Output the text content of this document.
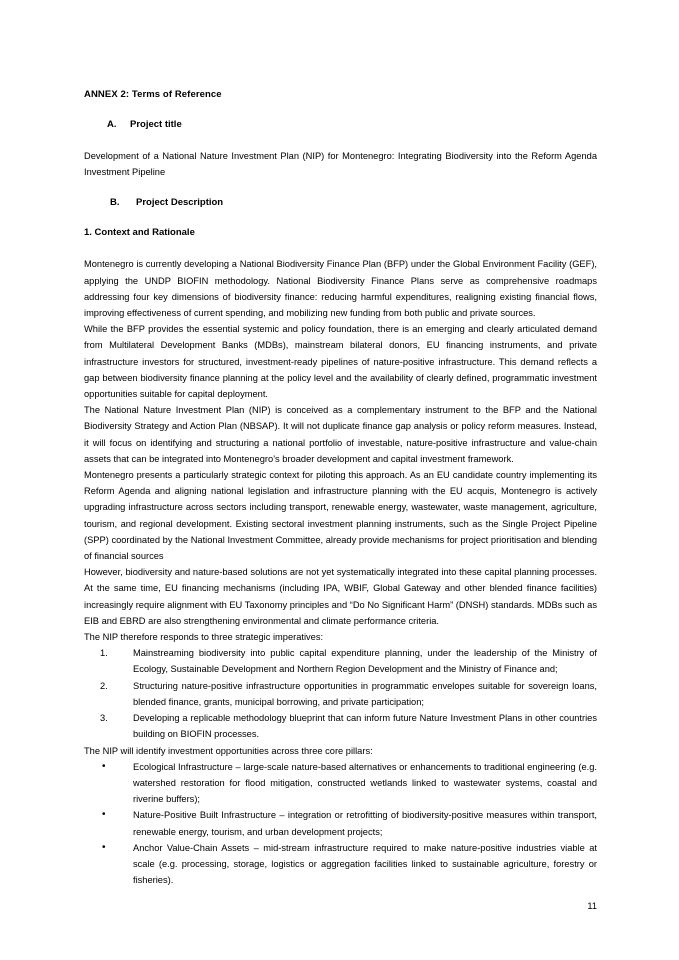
ANNEX 2: Terms of Reference
A.	Project title

Development of a National Nature Investment Plan (NIP) for Montenegro: Integrating Biodiversity into the Reform Agenda Investment Pipeline

B.	Project Description
1. Context and Rationale

Montenegro is currently developing a National Biodiversity Finance Plan (BFP) under the Global Environment Facility (GEF), applying the UNDP BIOFIN methodology. National Biodiversity Finance Plans serve as comprehensive roadmaps addressing four key dimensions of biodiversity finance: reducing harmful expenditures, realigning existing financial flows, improving effectiveness of current spending, and mobilizing new funding from both public and private sources.

While the BFP provides the essential systemic and policy foundation, there is an emerging and clearly articulated demand from Multilateral Development Banks (MDBs), mainstream bilateral donors, EU financing instruments, and private infrastructure investors for structured, investment-ready pipelines of nature-positive infrastructure. This demand reflects a gap between biodiversity finance planning at the policy level and the availability of clearly defined, programmatic investment opportunities suitable for capital deployment.

The National Nature Investment Plan (NIP) is conceived as a complementary instrument to the BFP and the National Biodiversity Strategy and Action Plan (NBSAP). It will not duplicate finance gap analysis or policy reform measures. Instead, it will focus on identifying and structuring a national portfolio of investable, nature-positive infrastructure and value-chain assets that can be integrated into Montenegro’s broader development and capital investment framework.

Montenegro presents a particularly strategic context for piloting this approach. As an EU candidate country implementing its Reform Agenda and aligning national legislation and infrastructure planning with the EU acquis, Montenegro is actively upgrading infrastructure across sectors including transport, renewable energy, wastewater, waste management, agriculture, tourism, and regional development. Existing sectoral investment planning instruments, such as the Single Project Pipeline (SPP) coordinated by the National Investment Committee, already provide mechanisms for project prioritisation and blending of financial sources

However, biodiversity and nature-based solutions are not yet systematically integrated into these capital planning processes. At the same time, EU financing mechanisms (including IPA, WBIF, Global Gateway and other blended finance facilities) increasingly require alignment with EU Taxonomy principles and “Do No Significant Harm” (DNSH) standards. MDBs such as EIB and EBRD are also strengthening environmental and climate performance criteria.

The NIP therefore responds to three strategic imperatives:

1.	Mainstreaming biodiversity into public capital expenditure planning, under the leadership of the Ministry of Ecology, Sustainable Development and Northern Region Development and the Ministry of Finance and;
2.	Structuring nature-positive infrastructure opportunities in programmatic envelopes suitable for sovereign loans, blended finance, grants, municipal borrowing, and private participation;
3.	Developing a replicable methodology blueprint that can inform future Nature Investment Plans in other countries building on BIOFIN processes.

The NIP will identify investment opportunities across three core pillars:

•	Ecological Infrastructure – large-scale nature-based alternatives or enhancements to traditional engineering (e.g. watershed restoration for flood mitigation, constructed wetlands linked to wastewater systems, coastal and riverine buffers);
•	Nature-Positive Built Infrastructure – integration or retrofitting of biodiversity-positive measures within transport, renewable energy, tourism, and urban development projects;
•	Anchor Value-Chain Assets – mid-stream infrastructure required to make nature-positive industries viable at scale (e.g. processing, storage, logistics or aggregation facilities linked to sustainable agriculture, forestry or fisheries).
11
